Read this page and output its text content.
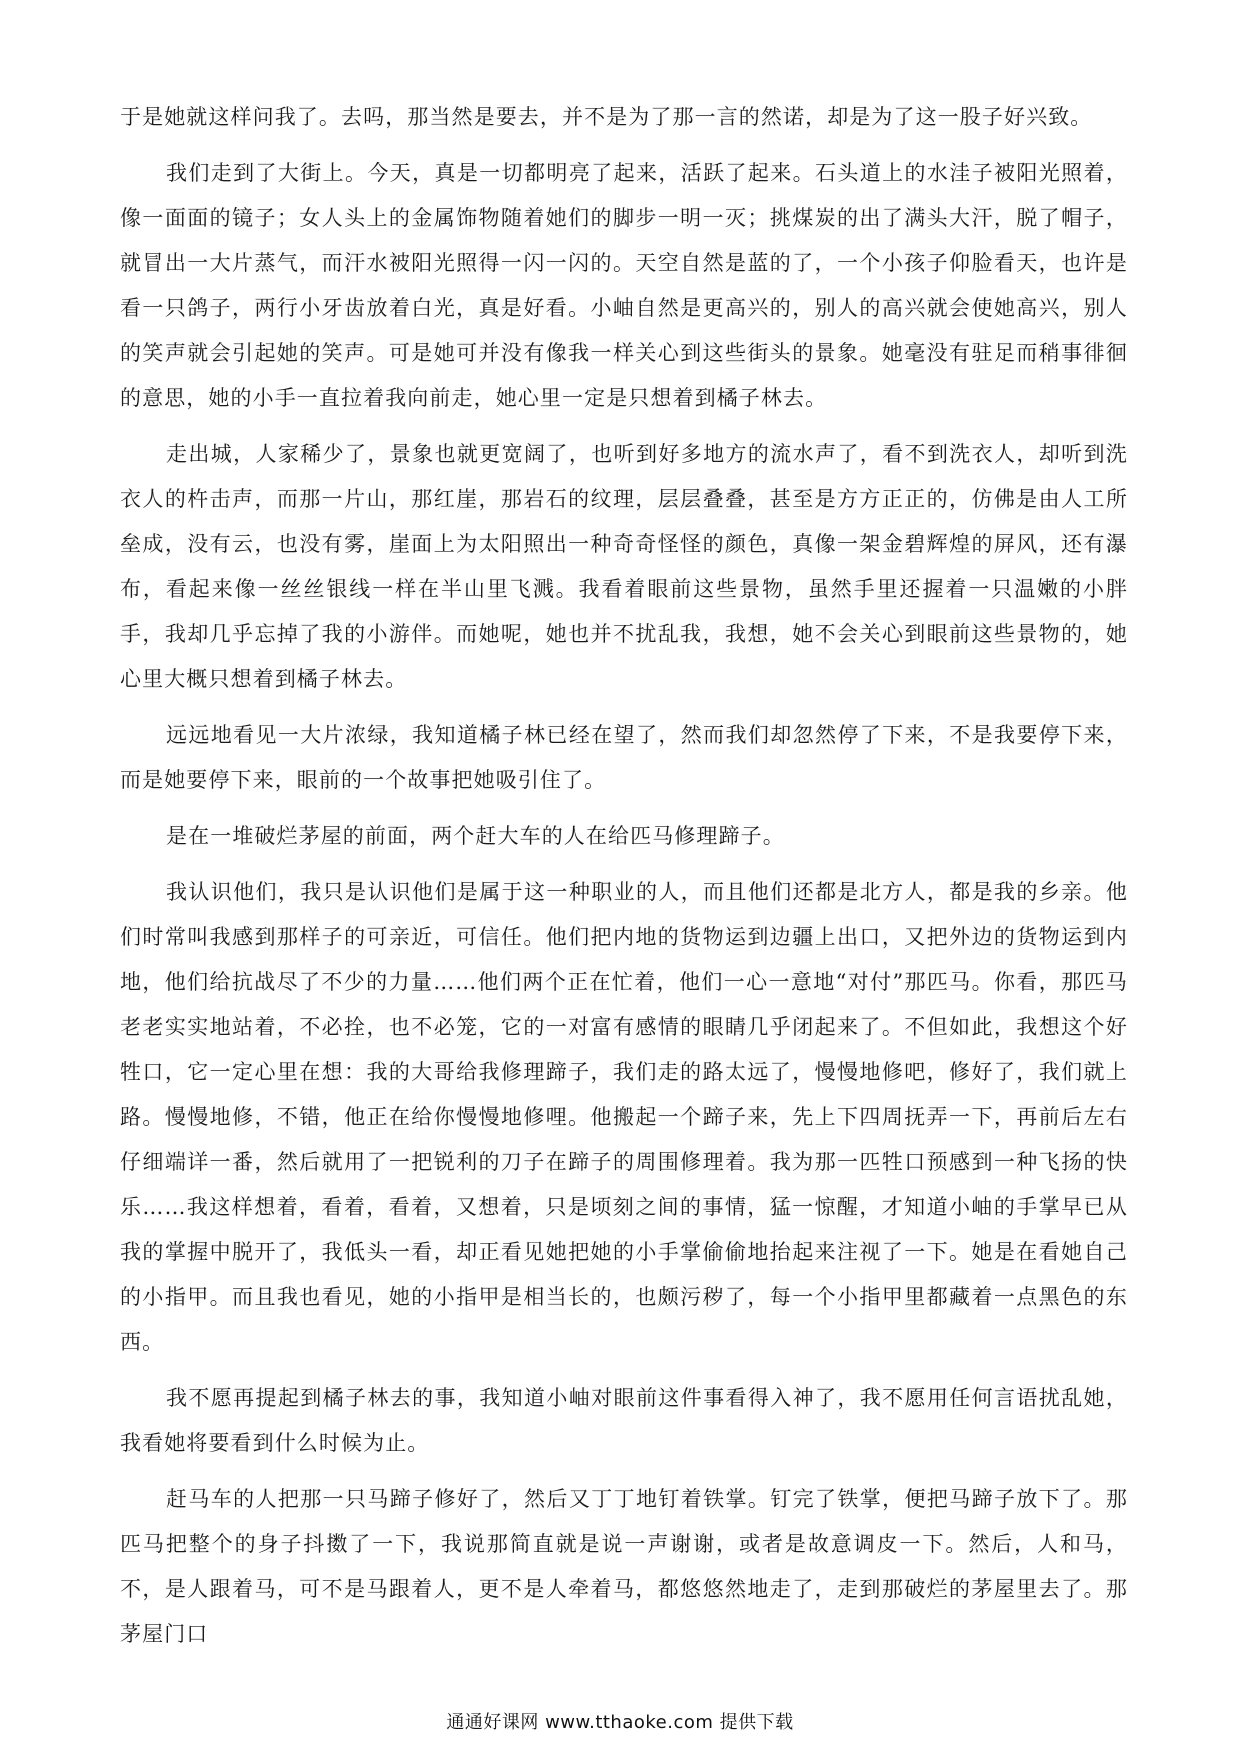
于是她就这样问我了。去吗，那当然是要去，并不是为了那一言的然诺，却是为了这一股子好兴致。

我们走到了大街上。今天，真是一切都明亮了起来，活跃了起来。石头道上的水洼子被阳光照着，像一面面的镜子；女人头上的金属饰物随着她们的脚步一明一灭；挑煤炭的出了满头大汗，脱了帽子，就冒出一大片蒸气，而汗水被阳光照得一闪一闪的。天空自然是蓝的了，一个小孩子仰脸看天，也许是看一只鸽子，两行小牙齿放着白光，真是好看。小岫自然是更高兴的，别人的高兴就会使她高兴，别人的笑声就会引起她的笑声。可是她可并没有像我一样关心到这些街头的景象。她毫没有驻足而稍事徘徊的意思，她的小手一直拉着我向前走，她心里一定是只想着到橘子林去。

走出城，人家稀少了，景象也就更宽阔了，也听到好多地方的流水声了，看不到洗衣人，却听到洗衣人的杵击声，而那一片山，那红崖，那岩石的纹理，层层叠叠，甚至是方方正正的，仿佛是由人工所垒成，没有云，也没有雾，崖面上为太阳照出一种奇奇怪怪的颜色，真像一架金碧辉煌的屏风，还有瀑布，看起来像一丝丝银线一样在半山里飞溅。我看着眼前这些景物，虽然手里还握着一只温嫩的小胖手，我却几乎忘掉了我的小游伴。而她呢，她也并不扰乱我，我想，她不会关心到眼前这些景物的，她心里大概只想着到橘子林去。

远远地看见一大片浓绿，我知道橘子林已经在望了，然而我们却忽然停了下来，不是我要停下来，而是她要停下来，眼前的一个故事把她吸引住了。

是在一堆破烂茅屋的前面，两个赶大车的人在给匹马修理蹄子。

我认识他们，我只是认识他们是属于这一种职业的人，而且他们还都是北方人，都是我的乡亲。他们时常叫我感到那样子的可亲近，可信任。他们把内地的货物运到边疆上出口，又把外边的货物运到内地，他们给抗战尽了不少的力量……他们两个正在忙着，他们一心一意地“对付”那匹马。你看，那匹马老老实实地站着，不必拴，也不必笼，它的一对富有感情的眼睛几乎闭起来了。不但如此，我想这个好牲口，它一定心里在想：我的大哥给我修理蹄子，我们走的路太远了，慢慢地修吧，修好了，我们就上路。慢慢地修，不错，他正在给你慢慢地修哩。他搬起一个蹄子来，先上下四周抚弄一下，再前后左右仔细端详一番，然后就用了一把锐利的刀子在蹄子的周围修理着。我为那一匹牲口预感到一种飞扬的快乐……我这样想着，看着，看着，又想着，只是顷刻之间的事情，猛一惊醒，才知道小岫的手掌早已从我的掌握中脱开了，我低头一看，却正看见她把她的小手掌偷偷地抬起来注视了一下。她是在看她自己的小指甲。而且我也看见，她的小指甲是相当长的，也颇污秽了，每一个小指甲里都藏着一点黑色的东西。

我不愿再提起到橘子林去的事，我知道小岫对眼前这件事看得入神了，我不愿用任何言语扰乱她，我看她将要看到什么时候为止。

赶马车的人把那一只马蹄子修好了，然后又丁丁地钉着铁掌。钉完了铁掌，便把马蹄子放下了。那匹马把整个的身子抖擞了一下，我说那简直就是说一声谢谢，或者是故意调皮一下。然后，人和马，不，是人跟着马，可不是马跟着人，更不是人牵着马，都悠悠然地走了，走到那破烂的茅屋里去了。那茅屋门口

通通好课网 www.tthaoke.com 提供下载
